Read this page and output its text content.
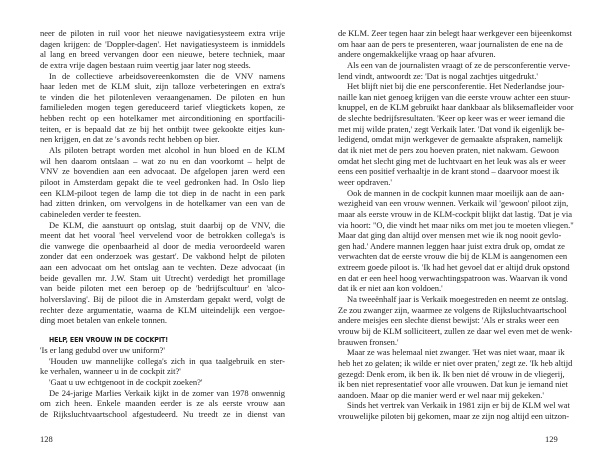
neer de piloten in ruil voor het nieuwe navigatiesysteem extra vrije
dagen krijgen: de 'Doppler-dagen'. Het navigatiesysteem is inmiddels
al lang en breed vervangen door een nieuwe, betere techniek, maar
de extra vrije dagen bestaan ruim veertig jaar later nog steeds.
In de collectieve arbeidsovereenkomsten die de VNV namens
haar leden met de KLM sluit, zijn talloze verbeteringen en extra's
te vinden die het pilotenleven veraangenamen. De piloten en hun
familieleden mogen tegen gereduceerd tarief vliegtickets kopen, ze
hebben recht op een hotelkamer met airconditioning en sportfacili-
teiten, er is bepaald dat ze bij het ontbijt twee gekookte eitjes kun-
nen krijgen, en dat ze 's avonds recht hebben op bier.
Als piloten betrapt worden met alcohol in hun bloed en de KLM
wil hen daarom ontslaan – wat zo nu en dan voorkomt – helpt de
VNV ze bovendien aan een advocaat. De afgelopen jaren werd een
piloot in Amsterdam gepakt die te veel gedronken had. In Oslo liep
een KLM-piloot tegen de lamp die tot diep in de nacht in een park
had zitten drinken, om vervolgens in de hotelkamer van een van de
cabineleden verder te feesten.
De KLM, die aanstuurt op ontslag, stuit daarbij op de VNV, die
meent dat het vooral 'heel vervelend voor de betrokken collega's is
die vanwege die openbaarheid al door de media veroordeeld waren
zonder dat een onderzoek was gestart'. De vakbond helpt de piloten
aan een advocaat om het ontslag aan te vechten. Deze advocaat (in
beide gevallen mr. J.W. Stam uit Utrecht) verdedigt het promillage
van beide piloten met een beroep op de 'bedrijfscultuur' en 'alco-
holverslaving'. Bij de piloot die in Amsterdam gepakt werd, volgt de
rechter deze argumentatie, waarna de KLM uiteindelijk een vergoe-
ding moet betalen van enkele tonnen.
HELP, EEN VROUW IN DE COCKPIT!
'Is er lang gedubd over uw uniform?'
'Houden uw mannelijke collega's zich in qua taalgebruik en ster-
ke verhalen, wanneer u in de cockpit zit?'
'Gaat u uw echtgenoot in de cockpit zoeken?'
De 24-jarige Marlies Verkaik kijkt in de zomer van 1978 onwennig
om zich heen. Enkele maanden eerder is ze als eerste vrouw aan
de Rijksluchtvaartschool afgestudeerd. Nu treedt ze in dienst van
de KLM. Zeer tegen haar zin belegt haar werkgever een bijeenkomst
om haar aan de pers te presenteren, waar journalisten de ene na de
andere ongemakkelijke vraag op haar afvuren.
Als een van de journalisten vraagt of ze de persconferentie verve-
lend vindt, antwoordt ze: 'Dat is nogal zachtjes uitgedrukt.'
Het blijft niet bij die ene persconferentie. Het Nederlandse jour-
naille kan niet genoeg krijgen van die eerste vrouw achter een stuur-
knuppel, en de KLM gebruikt haar dankbaar als bliksemafleider voor
de slechte bedrijfsresultaten. 'Keer op keer was er weer iemand die
met mij wilde praten,' zegt Verkaik later. 'Dat vond ik eigenlijk be-
ledigend, omdat mijn werkgever de gemaakte afspraken, namelijk
dat ik niet met de pers zou hoeven praten, niet nakwam. Gewoon
omdat het slecht ging met de luchtvaart en het leuk was als er weer
eens een positief verhaaltje in de krant stond – daarvoor moest ik
weer opdraven.'
Ook de mannen in de cockpit kunnen maar moeilijk aan de aan-
wezigheid van een vrouw wennen. Verkaik wil 'gewoon' piloot zijn,
maar als eerste vrouw in de KLM-cockpit blijkt dat lastig. 'Dat je via
via hoort: "O, die vindt het maar niks om met jou te moeten vliegen."
Maar dat ging dan altijd over mensen met wie ik nog nooit gevlo-
gen had.' Andere mannen leggen haar juist extra druk op, omdat ze
verwachten dat de eerste vrouw die bij de KLM is aangenomen een
extreem goede piloot is. 'Ik had het gevoel dat er altijd druk opstond
en dat er een heel hoog verwachtingspatroon was. Waarvan ik vond
dat ik er niet aan kon voldoen.'
Na tweeënhalf jaar is Verkaik moegestreden en neemt ze ontslag.
Ze zou zwanger zijn, waarmee ze volgens de Rijksluchtvaartschool
andere meisjes een slechte dienst bewijst: 'Als er straks weer een
vrouw bij de KLM solliciteert, zullen ze daar wel even met de wenk-
brauwen fronsen.'
Maar ze was helemaal niet zwanger. 'Het was niet waar, maar ik
heb het zo gelaten; ik wilde er niet over praten,' zegt ze. 'Ik heb altijd
gezegd: Denk erom, ik ben ik. Ik ben niet dé vrouw in de vliegerij,
ik ben niet representatief voor alle vrouwen. Dat kun je iemand niet
aandoen. Maar op die manier werd er wel naar mij gekeken.'
Sinds het vertrek van Verkaik in 1981 zijn er bij de KLM wel wat
vrouwelijke piloten bij gekomen, maar ze zijn nog altijd een uitzon-
128	129
